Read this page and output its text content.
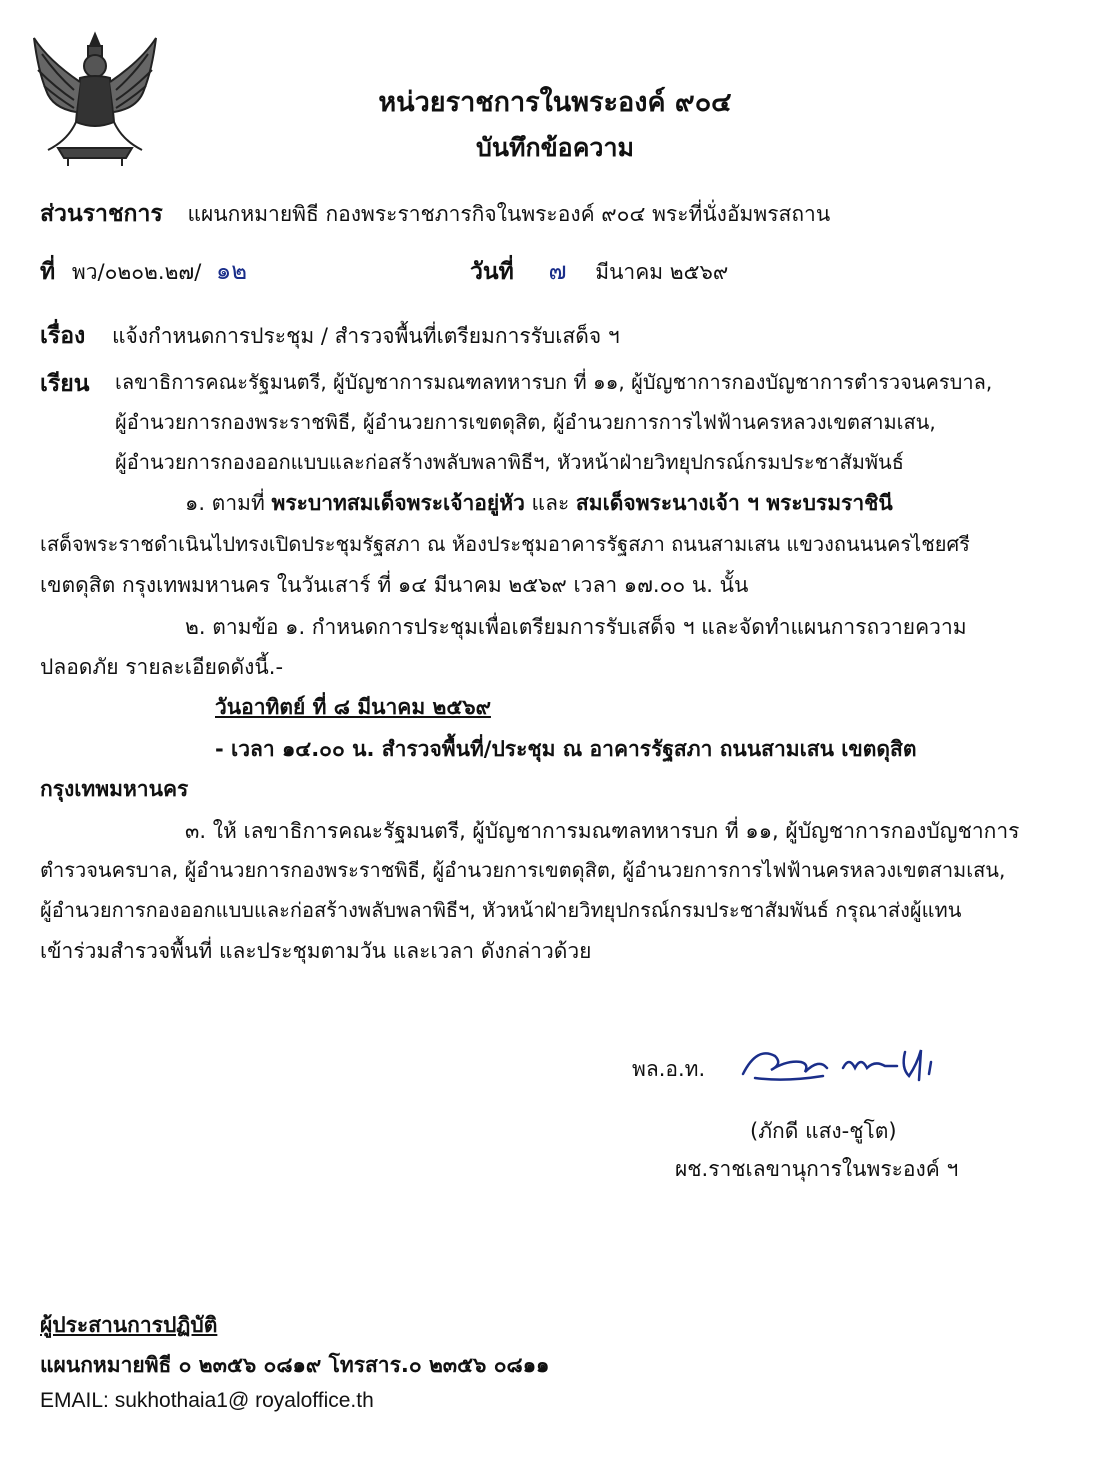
หน่วยราชการในพระองค์ ๙๐๔
บันทึกข้อความ
ส่วนราชการ แผนกหมายพิธี กองพระราชภารกิจในพระองค์ ๙๐๔ พระที่นั่งอัมพรสถาน
ที่ พว/๐๒๐๒.๒๗/ ๑๒	วันที่ ๗ มีนาคม ๒๕๖๙
เรื่อง แจ้งกำหนดการประชุม / สำรวจพื้นที่เตรียมการรับเสด็จ ฯ
เรียน เลขาธิการคณะรัฐมนตรี, ผู้บัญชาการมณฑลทหารบก ที่ ๑๑, ผู้บัญชาการกองบัญชาการตำรวจนครบาล,
ผู้อำนวยการกองพระราชพิธี, ผู้อำนวยการเขตดุสิต, ผู้อำนวยการการไฟฟ้านครหลวงเขตสามเสน,
ผู้อำนวยการกองออกแบบและก่อสร้างพลับพลาพิธีฯ, หัวหน้าฝ่ายวิทยุปกรณ์กรมประชาสัมพันธ์
๑. ตามที่ พระบาทสมเด็จพระเจ้าอยู่หัว และ สมเด็จพระนางเจ้า ฯ พระบรมราชินี
เสด็จพระราชดำเนินไปทรงเปิดประชุมรัฐสภา ณ ห้องประชุมอาคารรัฐสภา ถนนสามเสน แขวงถนนนครไชยศรี
เขตดุสิต กรุงเทพมหานคร ในวันเสาร์ ที่ ๑๔ มีนาคม ๒๕๖๙ เวลา ๑๗.๐๐ น. นั้น
๒. ตามข้อ ๑. กำหนดการประชุมเพื่อเตรียมการรับเสด็จ ฯ และจัดทำแผนการถวายความ
ปลอดภัย รายละเอียดดังนี้.-
วันอาทิตย์ ที่ ๘ มีนาคม ๒๕๖๙
- เวลา ๑๔.๐๐ น. สำรวจพื้นที่/ประชุม ณ อาคารรัฐสภา ถนนสามเสน เขตดุสิต
กรุงเทพมหานคร
๓. ให้ เลขาธิการคณะรัฐมนตรี, ผู้บัญชาการมณฑลทหารบก ที่ ๑๑, ผู้บัญชาการกองบัญชาการ
ตำรวจนครบาล, ผู้อำนวยการกองพระราชพิธี, ผู้อำนวยการเขตดุสิต, ผู้อำนวยการการไฟฟ้านครหลวงเขตสามเสน,
ผู้อำนวยการกองออกแบบและก่อสร้างพลับพลาพิธีฯ, หัวหน้าฝ่ายวิทยุปกรณ์กรมประชาสัมพันธ์ กรุณาส่งผู้แทน
เข้าร่วมสำรวจพื้นที่ และประชุมตามวัน และเวลา ดังกล่าวด้วย
พล.อ.ท.
(ภักดี แสง-ชูโต)
ผช.ราชเลขานุการในพระองค์ ฯ
ผู้ประสานการปฏิบัติ
แผนกหมายพิธี ๐ ๒๓๕๖ ๐๘๑๙ โทรสาร.๐ ๒๓๕๖ ๐๘๑๑
EMAIL: sukhothaia1@ royaloffice.th
